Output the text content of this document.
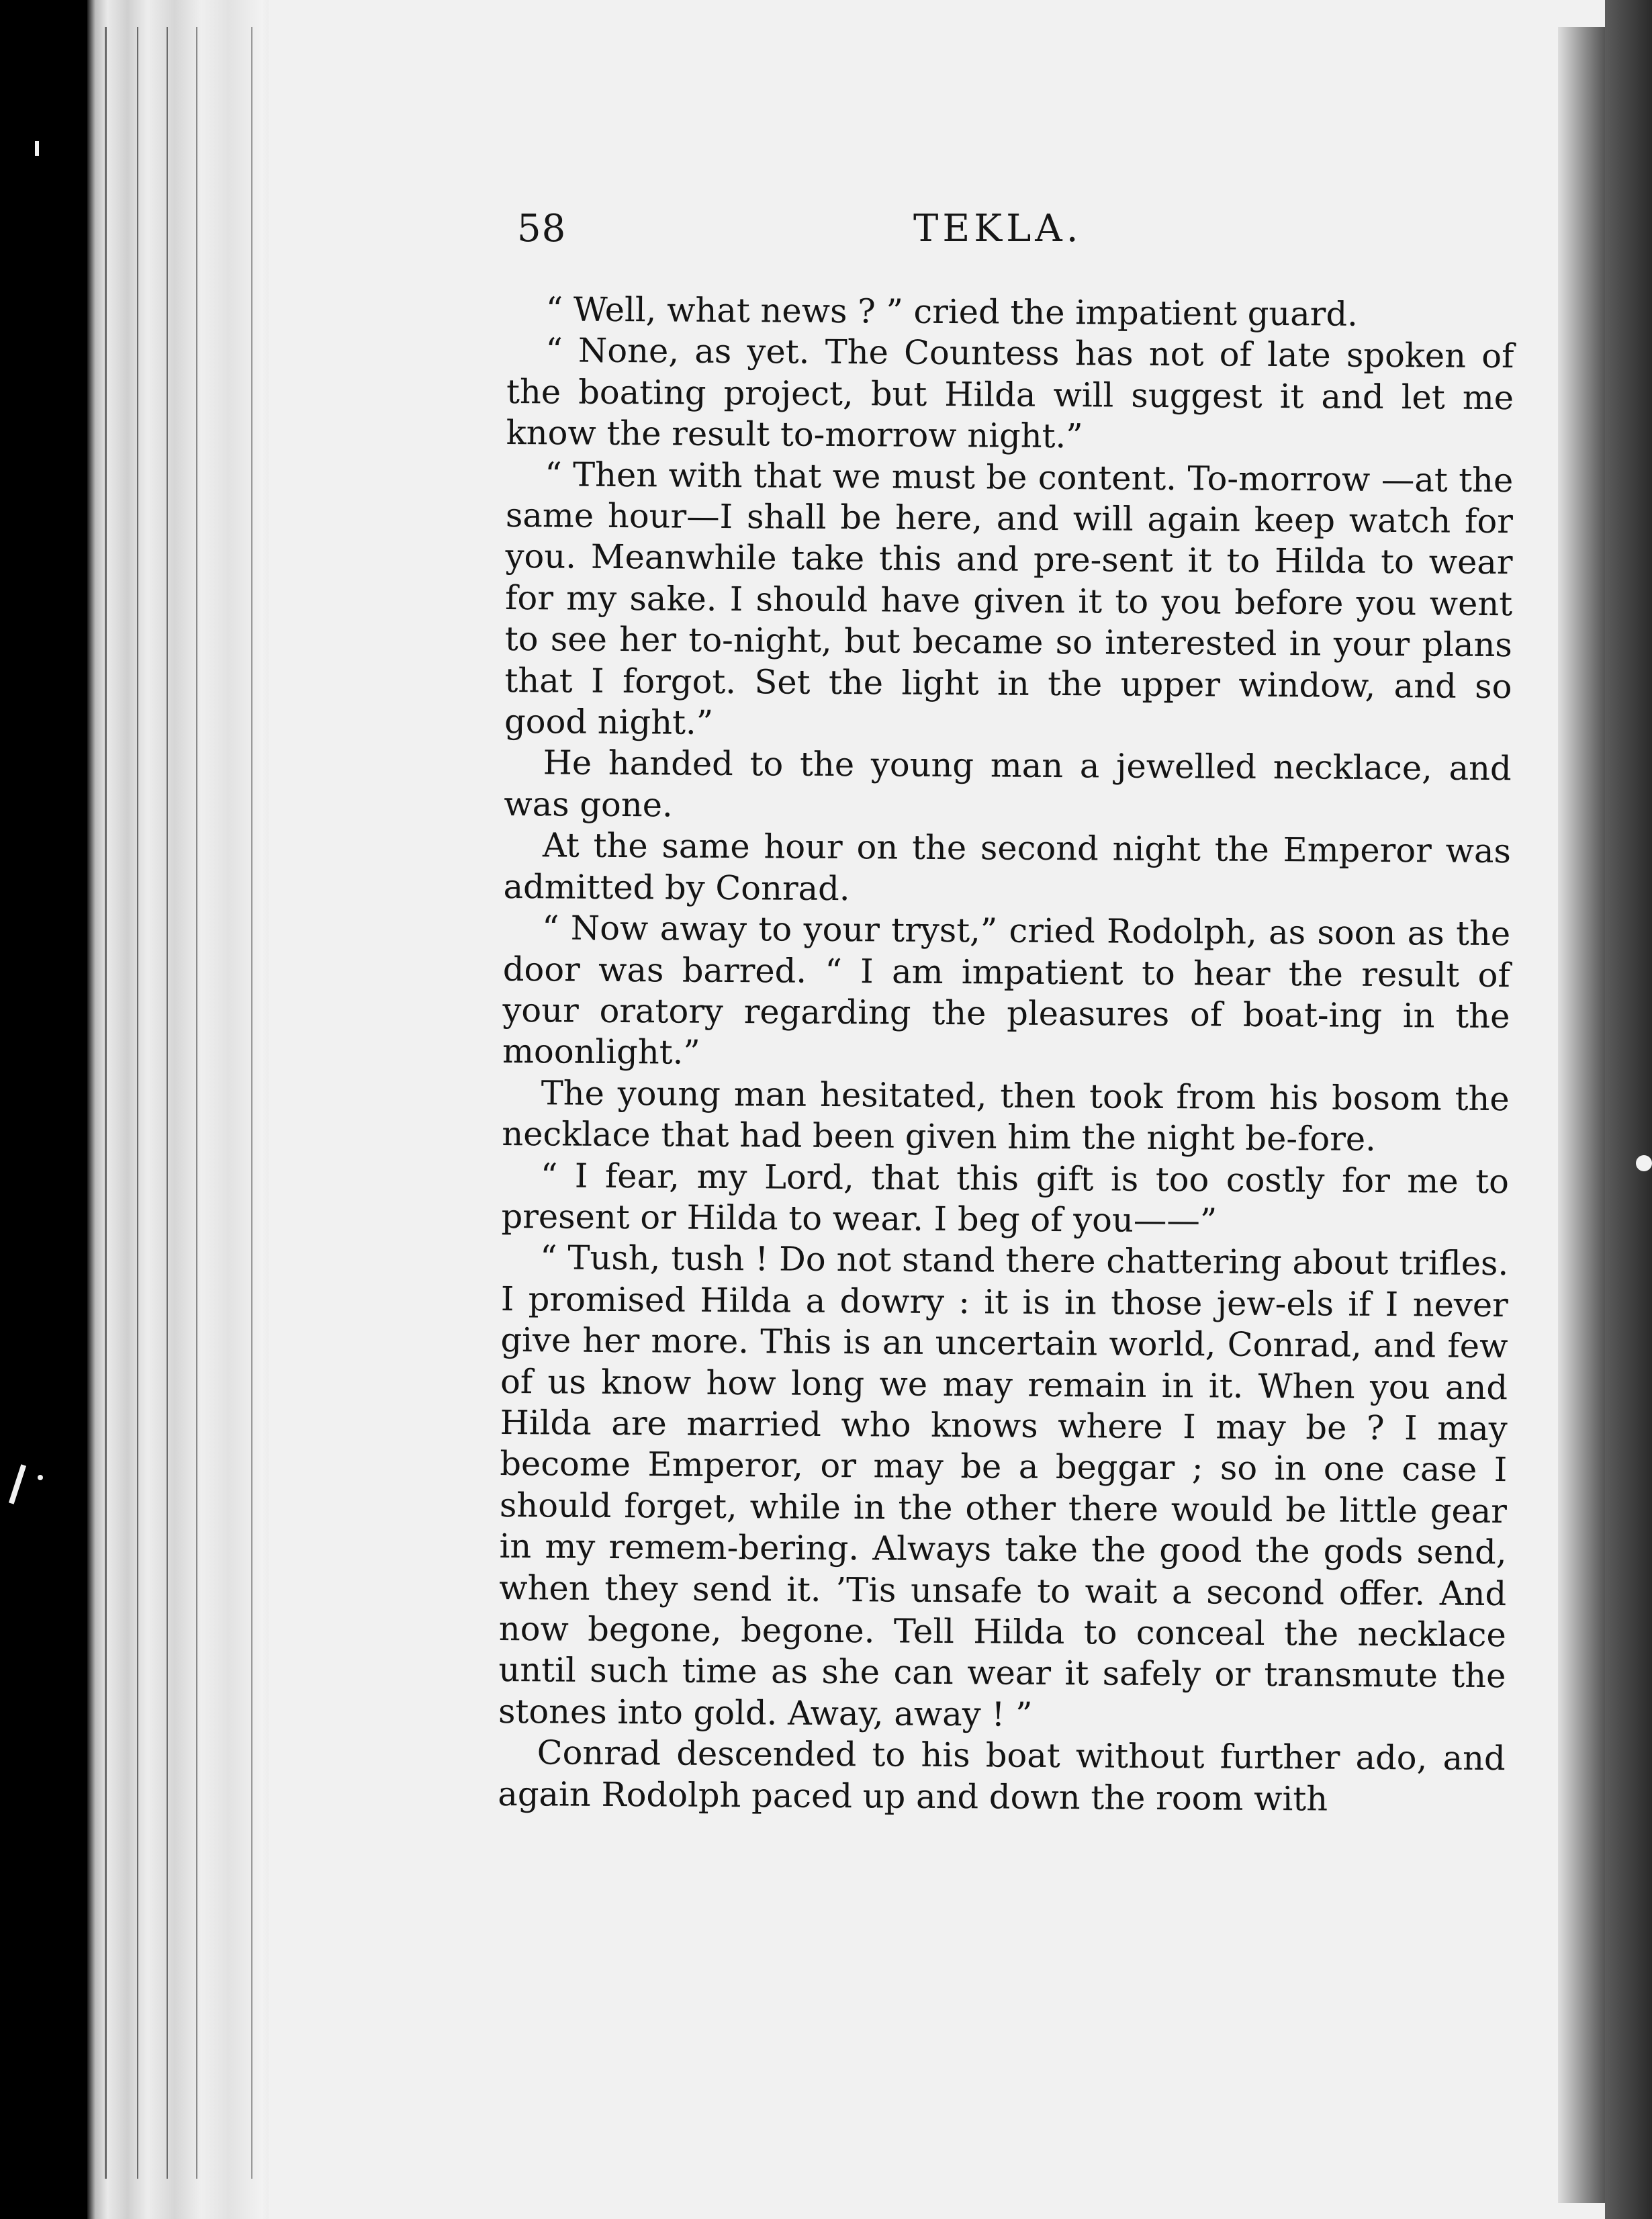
58	TEKLA.

“ Well, what news ? ” cried the impatient guard.

“ None, as yet. The Countess has not of late spoken of the boating project, but Hilda will suggest it and let me know the result to-morrow night.”

“ Then with that we must be content. To-morrow —at the same hour—I shall be here, and will again keep watch for you. Meanwhile take this and pre-sent it to Hilda to wear for my sake. I should have given it to you before you went to see her to-night, but became so interested in your plans that I forgot. Set the light in the upper window, and so good night.”

He handed to the young man a jewelled necklace, and was gone.

At the same hour on the second night the Emperor was admitted by Conrad.

“ Now away to your tryst,” cried Rodolph, as soon as the door was barred. “ I am impatient to hear the result of your oratory regarding the pleasures of boat-ing in the moonlight.”

The young man hesitated, then took from his bosom the necklace that had been given him the night be-fore.

“ I fear, my Lord, that this gift is too costly for me to present or Hilda to wear. I beg of you——”

“ Tush, tush ! Do not stand there chattering about trifles. I promised Hilda a dowry : it is in those jew-els if I never give her more. This is an uncertain world, Conrad, and few of us know how long we may remain in it. When you and Hilda are married who knows where I may be ? I may become Emperor, or may be a beggar ; so in one case I should forget, while in the other there would be little gear in my remem-bering. Always take the good the gods send, when they send it. ’Tis unsafe to wait a second offer. And now begone, begone. Tell Hilda to conceal the necklace until such time as she can wear it safely or transmute the stones into gold. Away, away ! ”

Conrad descended to his boat without further ado, and again Rodolph paced up and down the room with
